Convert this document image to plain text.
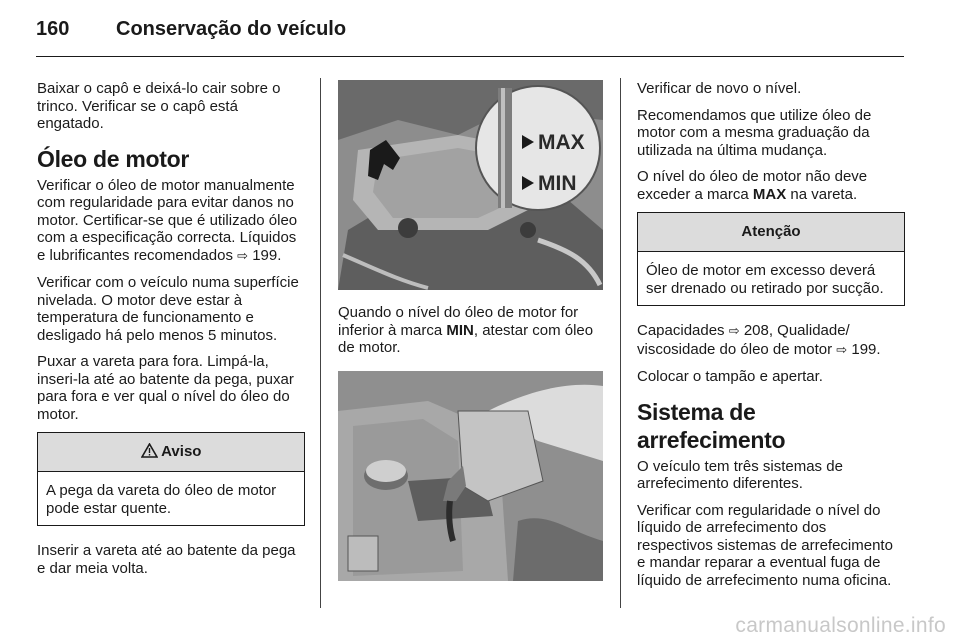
160 Conservação do veículo

Baixar o capô e deixá-lo cair sobre o trinco. Verificar se o capô está engatado.

Óleo de motor

Verificar o óleo de motor manualmente com regularidade para evitar danos no motor. Certificar-se que é utilizado óleo com a especificação correcta. Líquidos e lubrificantes recomendados ⇨ 199.

Verificar com o veículo numa superfície nivelada. O motor deve estar à temperatura de funcionamento e desligado há pelo menos 5 minutos.

Puxar a vareta para fora. Limpá-la, inseri-la até ao batente da pega, puxar para fora e ver qual o nível do óleo do motor.

Aviso
A pega da vareta do óleo de motor pode estar quente.

Inserir a vareta até ao batente da pega e dar meia volta.

MAX
MIN

Quando o nível do óleo de motor for inferior à marca MIN, atestar com óleo de motor.

Verificar de novo o nível.

Recomendamos que utilize óleo de motor com a mesma graduação da utilizada na última mudança.

O nível do óleo de motor não deve exceder a marca MAX na vareta.

Atenção
Óleo de motor em excesso deverá ser drenado ou retirado por sucção.

Capacidades ⇨ 208, Qualidade/ viscosidade do óleo de motor ⇨ 199.

Colocar o tampão e apertar.

Sistema de arrefecimento

O veículo tem três sistemas de arrefecimento diferentes.

Verificar com regularidade o nível do líquido de arrefecimento dos respectivos sistemas de arrefecimento e mandar reparar a eventual fuga de líquido de arrefecimento numa oficina.

carmanualsonline.info
